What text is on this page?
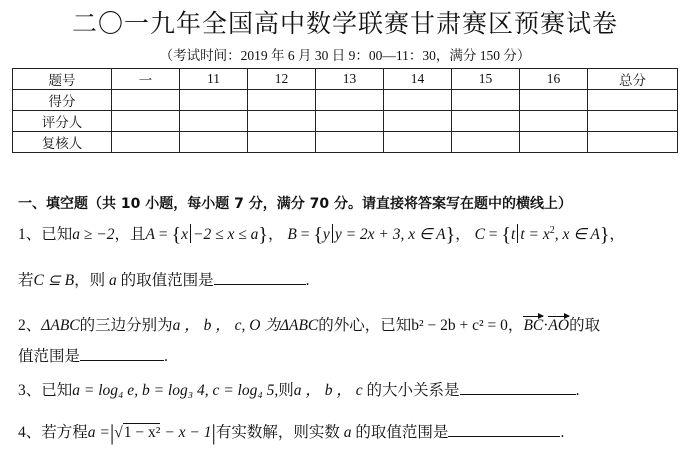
二〇一九年全国高中数学联赛甘肃赛区预赛试卷
（考试时间：2019 年 6 月 30 日 9：00—11：30，满分 150 分）
题号	一	11	12	13	14	15	16	总分
得分								
评分人								
复核人								
一、填空题（共 10 小题，每小题 7 分，满分 70 分。请直接将答案写在题中的横线上）
1、已知a ≥ −2，且A = {x −2 ≤ x ≤ a}， B = {y y = 2x + 3, x ∈ A}， C = {t $t = x^2$, x ∈ A}，
若C ⊆ B，则 a 的取值范围是	.
2、ΔABC的三边分别为a ， b ， c, O 为ΔABC的外心，已知b² − 2b + c² = 0，BC·AO的取
值范围是	.
3、已知a = log₄ e, b = log₃ 4, c = log₄ 5,则a ， b ， c 的大小关系是	.
4、若方程a =|√1 − x² − x − 1|有实数解，则实数 a 的取值范围是	.
